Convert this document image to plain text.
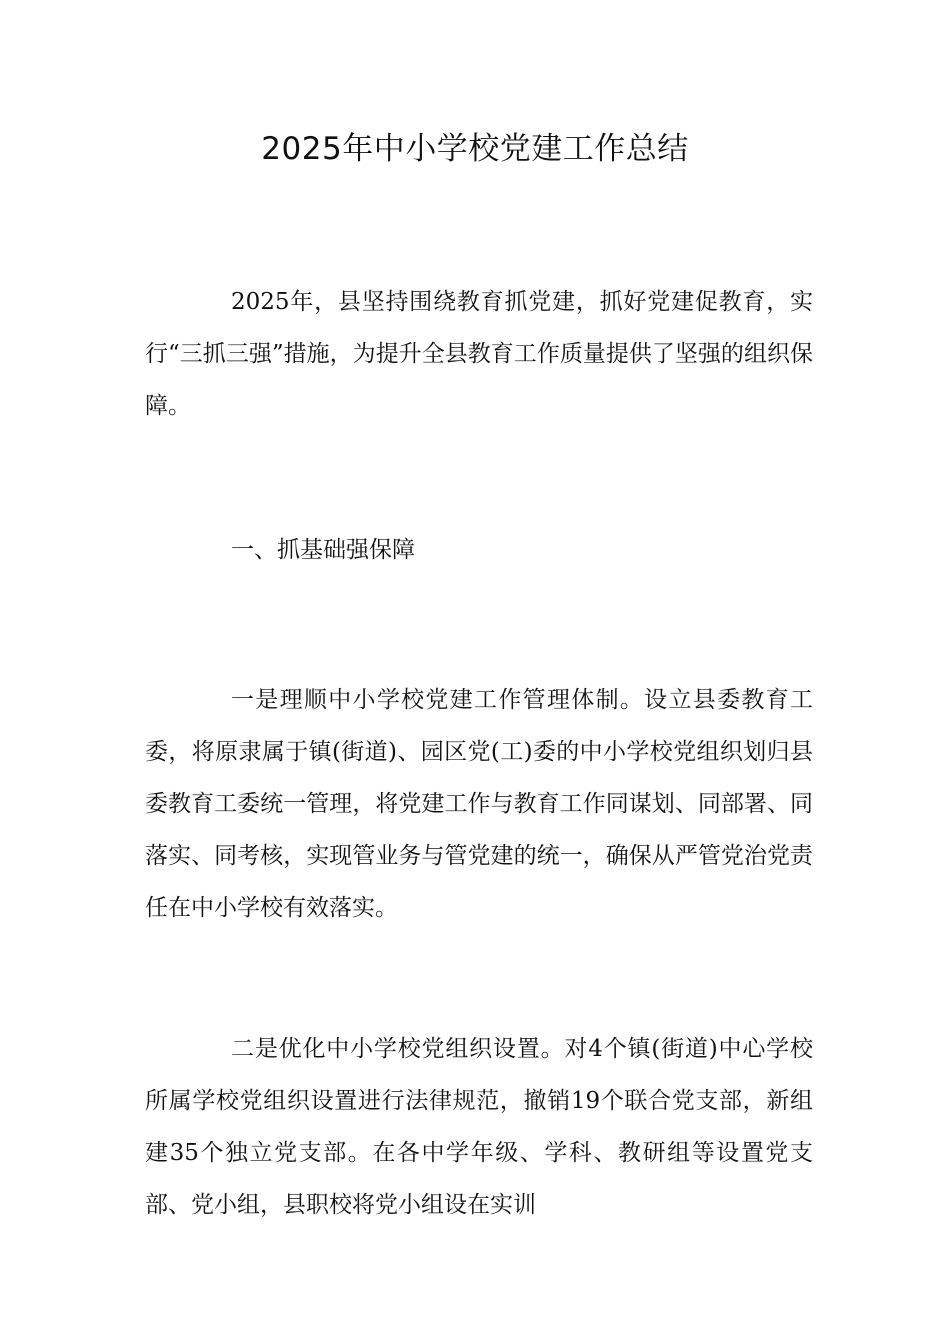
2025年中小学校党建工作总结

2025年，县坚持围绕教育抓党建，抓好党建促教育，实行“三抓三强”措施，为提升全县教育工作质量提供了坚强的组织保障。

一、抓基础强保障

一是理顺中小学校党建工作管理体制。设立县委教育工委，将原隶属于镇(街道)、园区党(工)委的中小学校党组织划归县委教育工委统一管理，将党建工作与教育工作同谋划、同部署、同落实、同考核，实现管业务与管党建的统一，确保从严管党治党责任在中小学校有效落实。

二是优化中小学校党组织设置。对4个镇(街道)中心学校所属学校党组织设置进行法律规范，撤销19个联合党支部，新组建35个独立党支部。在各中学年级、学科、教研组等设置党支部、党小组，县职校将党小组设在实训
